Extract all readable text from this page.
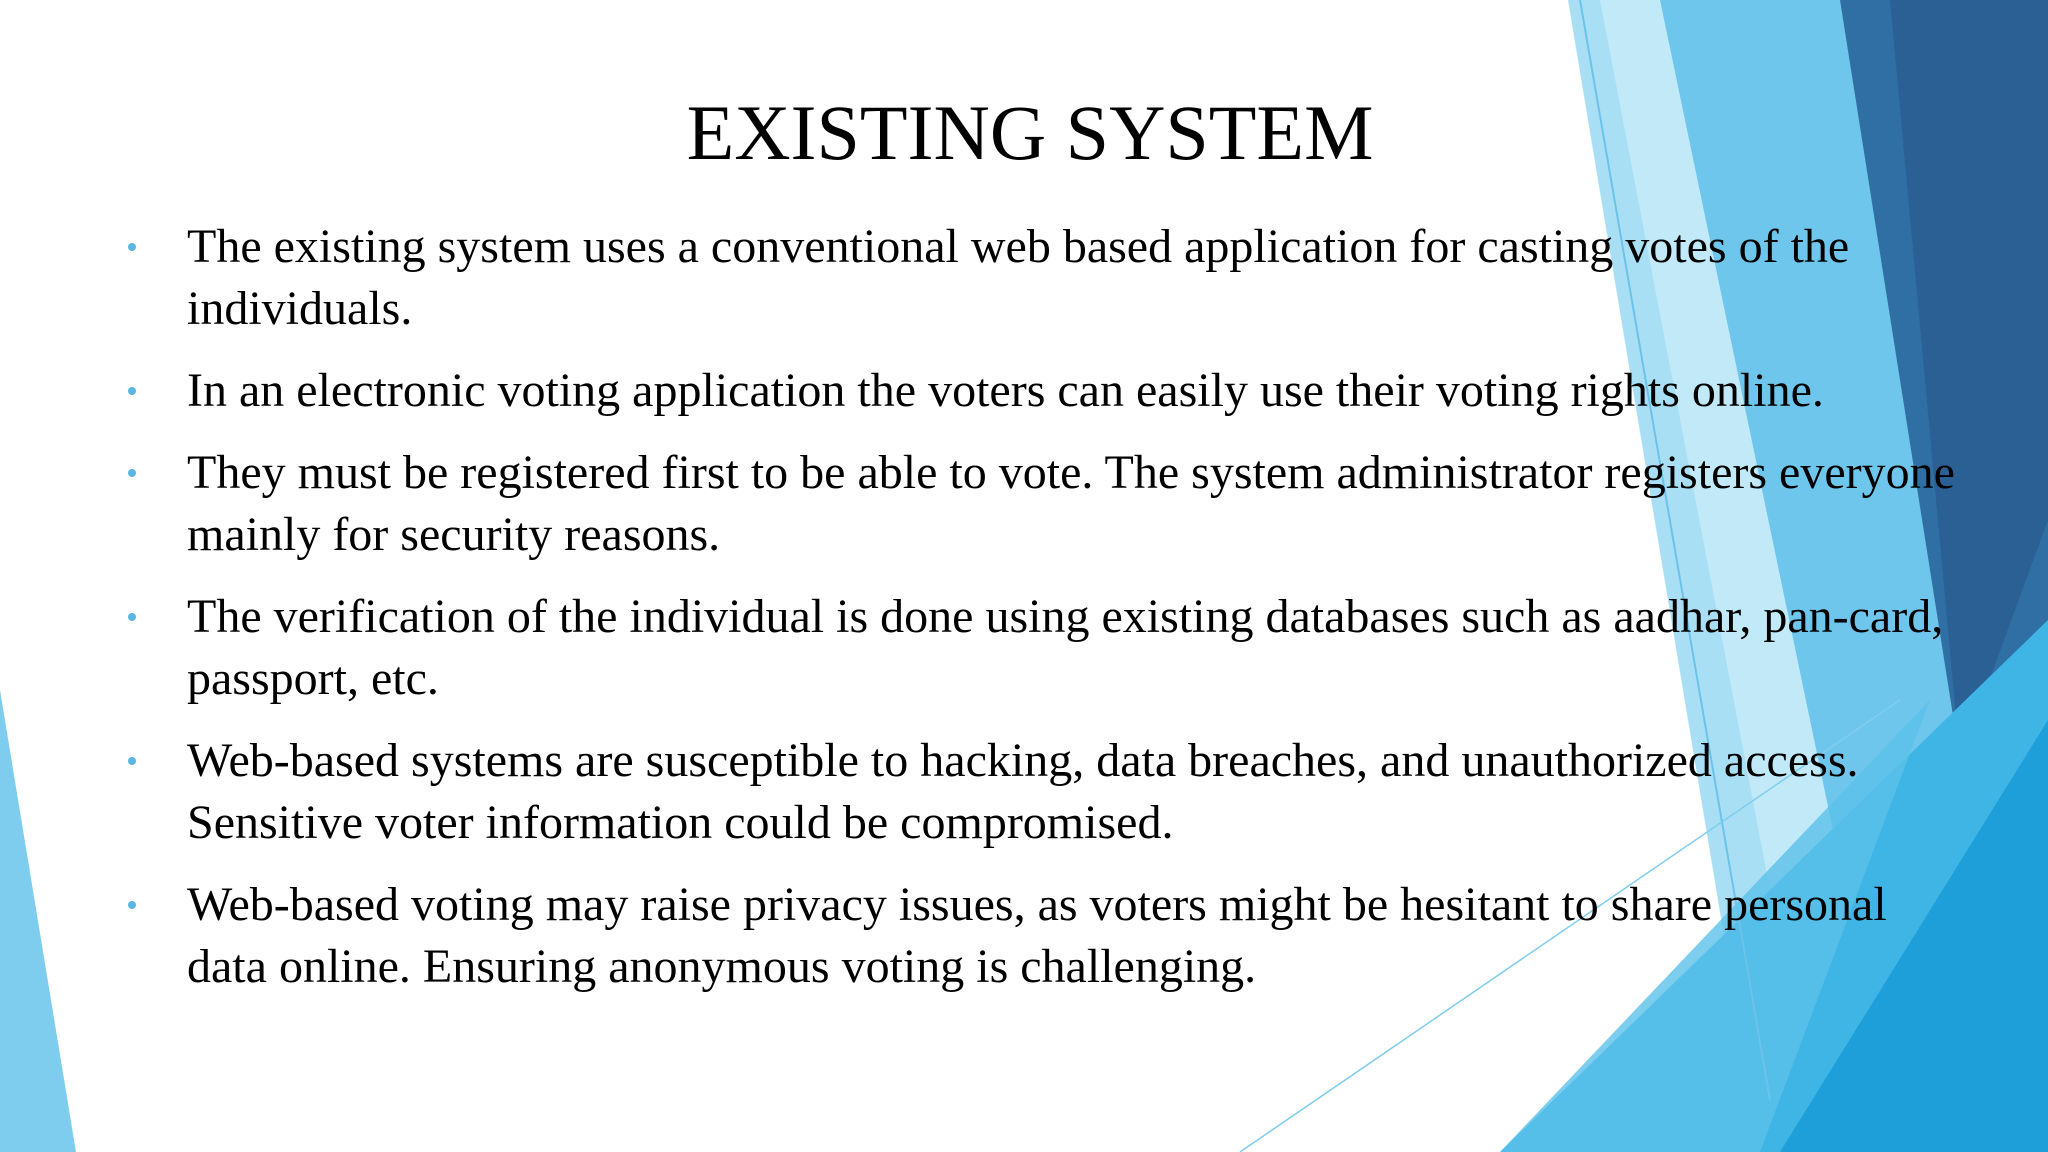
EXISTING SYSTEM
The existing system uses a conventional web based application for casting votes of the individuals.
In an electronic voting application the voters can easily use their voting rights online.
They must be registered first to be able to vote. The system administrator registers everyone mainly for security reasons.
The verification of the individual is done using existing databases such as aadhar, pan-card, passport, etc.
Web-based systems are susceptible to hacking, data breaches, and unauthorized access. Sensitive voter information could be compromised.
Web-based voting may raise privacy issues, as voters might be hesitant to share personal data online. Ensuring anonymous voting is challenging.
